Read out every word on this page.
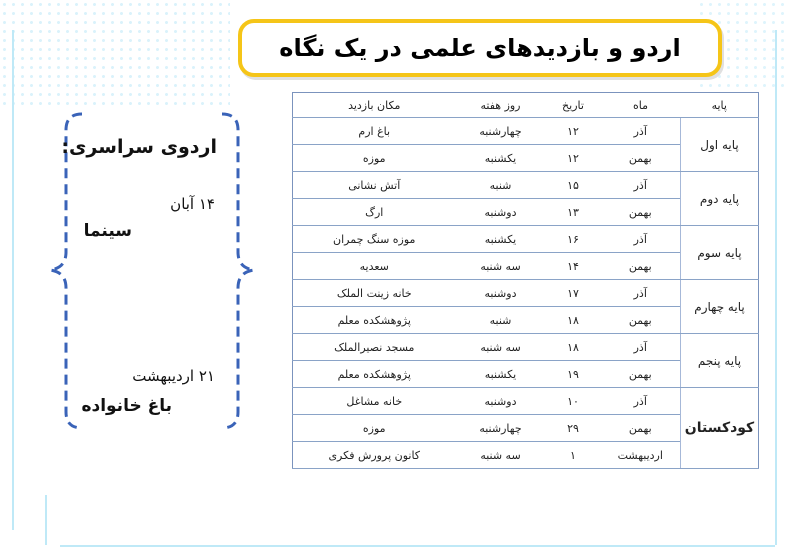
اردو و بازدیدهای علمی در یک نگاه
اردوی سراسری:
۱۴ آبان
سینما
۲۱ اردیبهشت
باغ خانواده
پایه	ماه	تاریخ	روز هفته	مکان بازدید
پایه اول	آذر	۱۲	چهارشنبه	باغ ارم
	بهمن	۱۲	یکشنبه	موزه
پایه دوم	آذر	۱۵	شنبه	آتش نشانی
	بهمن	۱۳	دوشنبه	ارگ
پایه سوم	آذر	۱۶	یکشنبه	موزه سنگ چمران
	بهمن	۱۴	سه شنبه	سعدیه
پایه چهارم	آذر	۱۷	دوشنبه	خانه زینت الملک
	بهمن	۱۸	شنبه	پژوهشکده معلم
پایه پنجم	آذر	۱۸	سه شنبه	مسجد نصیرالملک
	بهمن	۱۹	یکشنبه	پژوهشکده معلم
کودکستان	آذر	۱۰	دوشنبه	خانه مشاغل
	بهمن	۲۹	چهارشنبه	موزه
	اردیبهشت	۱	سه شنبه	کانون پرورش فکری
